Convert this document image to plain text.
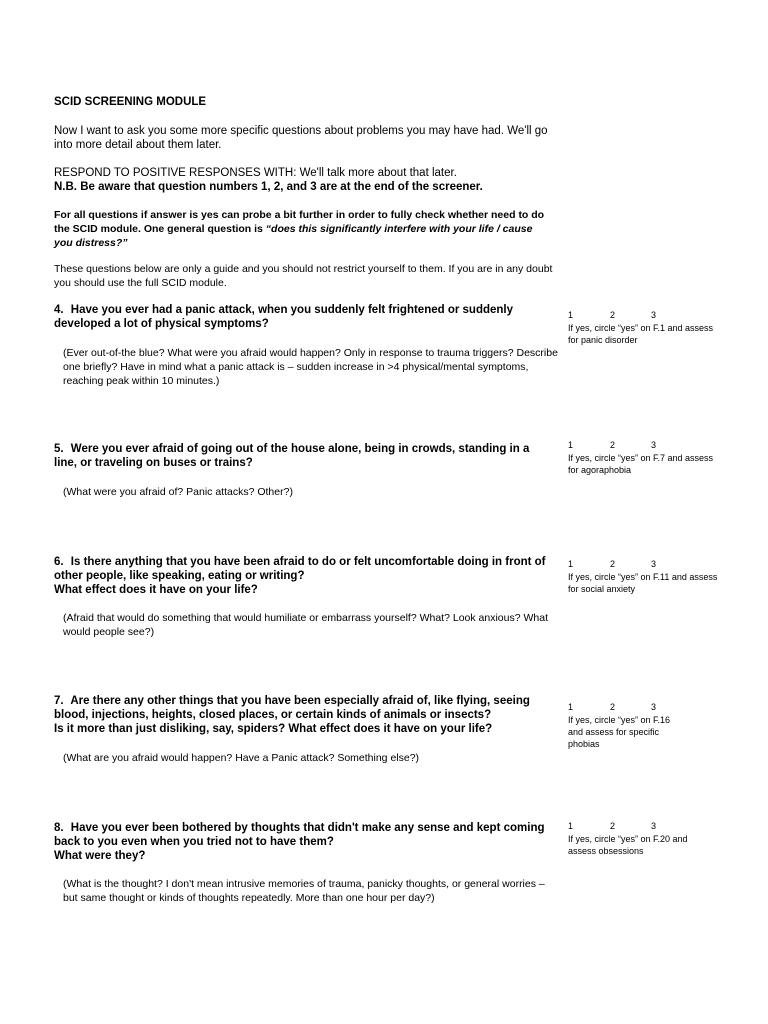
SCID SCREENING MODULE

Now I want to ask you some more specific questions about problems you may have had. We'll go into more detail about them later.

RESPOND TO POSITIVE RESPONSES WITH: We'll talk more about that later.
N.B. Be aware that question numbers 1, 2, and 3 are at the end of the screener.

For all questions if answer is yes can probe a bit further in order to fully check whether need to do the SCID module. One general question is “does this significantly interfere with your life / cause you distress?”

These questions below are only a guide and you should not restrict yourself to them. If you are in any doubt you should use the full SCID module.

4. Have you ever had a panic attack, when you suddenly felt frightened or suddenly developed a lot of physical symptoms?

(Ever out-of-the blue? What were you afraid would happen? Only in response to trauma triggers? Describe one briefly? Have in mind what a panic attack is – sudden increase in >4 physical/mental symptoms, reaching peak within 10 minutes.)

1	2	3
If yes, circle “yes” on F.1 and assess for panic disorder

5. Were you ever afraid of going out of the house alone, being in crowds, standing in a line, or traveling on buses or trains?

(What were you afraid of? Panic attacks? Other?)

1	2	3
If yes, circle “yes” on F.7 and assess for agoraphobia
6. Is there anything that you have been afraid to do or felt uncomfortable doing in front of other people, like speaking, eating or writing?
What effect does it have on your life?

(Afraid that would do something that would humiliate or embarrass yourself? What? Look anxious? What would people see?)

1	2	3
If yes, circle “yes” on F.11 and assess for social anxiety
7. Are there any other things that you have been especially afraid of, like flying, seeing blood, injections, heights, closed places, or certain kinds of animals or insects?
Is it more than just disliking, say, spiders? What effect does it have on your life?

(What are you afraid would happen? Have a Panic attack? Something else?)

1	2	3
If yes, circle “yes” on F.16 and assess for specific phobias
8. Have you ever been bothered by thoughts that didn't make any sense and kept coming back to you even when you tried not to have them?
What were they?

(What is the thought? I don't mean intrusive memories of trauma, panicky thoughts, or general worries – but same thought or kinds of thoughts repeatedly. More than one hour per day?)

1	2	3
If yes, circle “yes” on F.20 and assess obsessions
